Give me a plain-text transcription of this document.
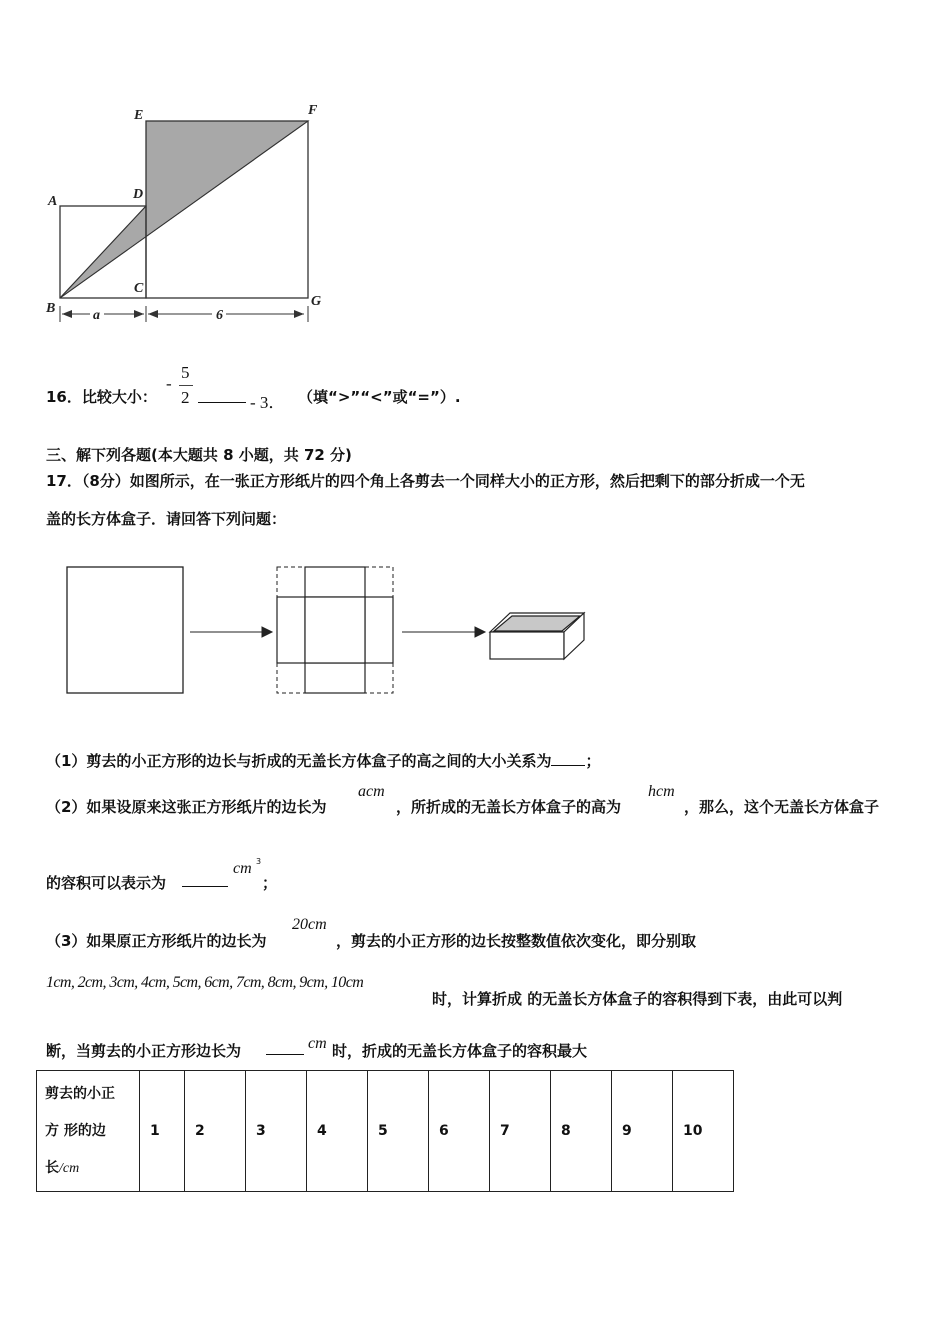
A
B
C
D
E	F
G
a	6
16．比较大小：
-
5
2	- 3． （填“>”“<”或“=”）.
三、解下列各题(本大题共 8 小题，共 72 分)
17．（8分）如图所示，在一张正方形纸片的四个角上各剪去一个同样大小的正方形，然后把剩下的部分折成一个无
盖的长方体盒子．请回答下列问题：
（1）剪去的小正方形的边长与折成的无盖长方体盒子的高之间的大小关系为 ；
（2）如果设原来这张正方形纸片的边长为
acm
，所折成的无盖长方体盒子的高为
hcm
，那么，这个无盖长方体盒子
的容积可以表示为
cm 3
；
（3）如果原正方形纸片的边长为
20cm
，剪去的小正方形的边长按整数值依次变化，即分别取
1cm, 2cm, 3cm, 4cm, 5cm, 6cm, 7cm, 8cm, 9cm, 10cm
时，计算折成 的无盖长方体盒子的容积得到下表，由此可以判
断，当剪去的小正方形边长为	cm 时，折成的无盖长方体盒子的容积最大
剪去的小正
方 形的边
长/cm
	1	2	3	4	5	6	7	8	9	10
